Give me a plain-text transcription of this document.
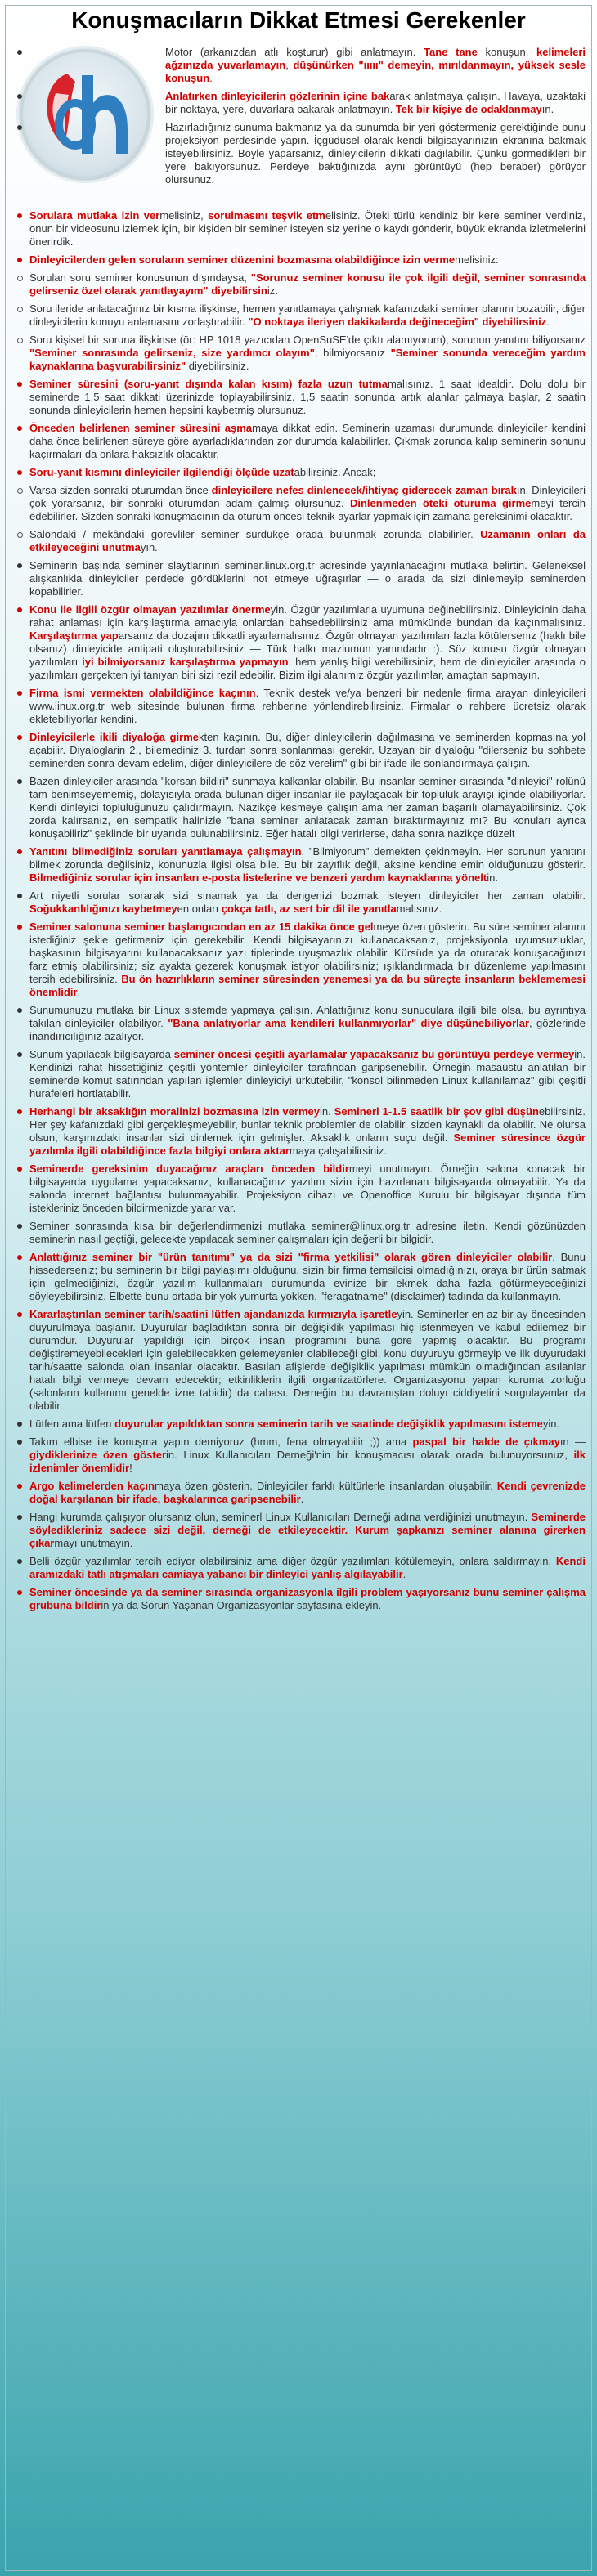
Konuşmacıların Dikkat Etmesi Gerekenler
Motor (arkanızdan atlı koşturur) gibi anlatmayın. Tane tane konuşun, kelimeleri ağzınızda yuvarlamayın, düşünürken "ııııı" demeyin, mırıldanmayın, yüksek sesle konuşun.
Anlatırken dinleyicilerin gözlerinin içine bakarak anlatmaya çalışın. Havaya, uzaktaki bir noktaya, yere, duvarlara bakarak anlatmayın. Tek bir kişiye de odaklanmayın.
Hazırladığınız sunuma bakmanız ya da sunumda bir yeri göstermeniz gerektiğinde bunu projeksiyon perdesinde yapın. İçgüdüsel olarak kendi bilgisayarınızın ekranına bakmak isteyebilirsiniz. Böyle yaparsanız, dinleyicilerin dikkati dağılabilir. Çünkü görmedikleri bir yere bakıyorsunuz. Perdeye baktığınızda aynı görüntüyü (hep beraber) görüyor olursunuz.
Sorulara mutlaka izin vermelisiniz, sorulmasını teşvik etmelisiniz. Öteki türlü kendiniz bir kere seminer verdiniz, onun bir videosunu izlemek için, bir kişiden bir seminer isteyen siz yerine o kaydı gönderir, büyük ekranda izletmelerini önerirdik.
Dinleyicilerden gelen soruların seminer düzenini bozmasına olabildiğince izin vermemelisiniz:
Sorulan soru seminer konusunun dışındaysa, "Sorunuz seminer konusu ile çok ilgili değil, seminer sonrasında gelirseniz özel olarak yanıtlayayım" diyebilirsiniz.
Soru ileride anlatacağınız bir kısma ilişkinse, hemen yanıtlamaya çalışmak kafanızdaki seminer planını bozabilir, diğer dinleyicilerin konuyu anlamasını zorlaştırabilir. "O noktaya ileriyen dakikalarda değineceğim" diyebilirsiniz.
Soru kişisel bir soruna ilişkinse (ör: HP 1018 yazıcıdan OpenSuSE'de çıktı alamıyorum); sorunun yanıtını biliyorsanız "Seminer sonrasında gelirseniz, size yardımcı olayım", bilmiyorsanız "Seminer sonunda vereceğim yardım kaynaklarına başvurabilirsiniz" diyebilirsiniz.
Seminer süresini (soru-yanıt dışında kalan kısım) fazla uzun tutmamalısınız. 1 saat idealdir. Dolu dolu bir seminerde 1,5 saat dikkati üzerinizde toplayabilirsiniz. 1,5 saatin sonunda artık alanlar çalmaya başlar, 2 saatin sonunda dinleyicilerin hemen hepsini kaybetmiş olursunuz.
Önceden belirlenen seminer süresini aşmamaya dikkat edin. Seminerin uzaması durumunda dinleyiciler kendini daha önce belirlenen süreye göre ayarladıklarından zor durumda kalabilirler. Çıkmak zorunda kalıp seminerin sonunu kaçırmaları da onlara haksızlık olacaktır.
Soru-yanıt kısmını dinleyiciler ilgilendiği ölçüde uzatabilirsiniz. Ancak;
Varsa sizden sonraki oturumdan önce dinleyicilere nefes dinlenecek/ihtiyaç giderecek zaman bırakın. Dinleyicileri çok yorarsanız, bir sonraki oturumdan adam çalmış olursunuz. Dinlenmeden öteki oturuma girmemeyi tercih edebilirler. Sizden sonraki konuşmacının da oturum öncesi teknik ayarlar yapmak için zamana gereksinimi olacaktır.
Salondaki / mekândaki görevliler seminer sürdükçe orada bulunmak zorunda olabilirler. Uzamanın onları da etkileyeceğini unutmayın.
Seminerin başında seminer slaytlarının seminer.linux.org.tr adresinde yayınlanacağını mutlaka belirtin. Geleneksel alışkanlıkla dinleyiciler perdede gördüklerini not etmeye uğraşırlar — o arada da sizi dinlemeyip seminerden kopabilirler.
Konu ile ilgili özgür olmayan yazılımlar önermeyin. Özgür yazılımlarla uyumuna değinebilirsiniz. Dinleyicinin daha rahat anlaması için karşılaştırma amacıyla onlardan bahsedebilirsiniz ama mümkünde bundan da kaçınmalısınız. Karşılaştırma yaparsanız da dozajını dikkatli ayarlamalısınız. Özgür olmayan yazılımları fazla kötülersenız (haklı bile olsanız) dinleyicide antipati oluşturabilirsiniz — Türk halkı mazlumun yanındadır :). Söz konusu özgür olmayan yazılımları iyi bilmiyorsanız karşılaştırma yapmayın; hem yanlış bilgi verebilirsiniz, hem de dinleyiciler arasında o yazılımları gerçekten iyi tanıyan biri sizi rezil edebilir. Bizim ilgi alanımız özgür yazılımlar, amaçtan sapmayın.
Firma ismi vermekten olabildiğince kaçının. Teknik destek ve/ya benzeri bir nedenle firma arayan dinleyicileri www.linux.org.tr web sitesinde bulunan firma rehberine yönlendirebilirsiniz. Firmalar o rehbere ücretsiz olarak ekletebiliyorlar kendini.
Dinleyicilerle ikili diyaloğa girmekten kaçının. Bu, diğer dinleyicilerin dağılmasına ve seminerden kopmasına yol açabilir. Diyaloglarin 2., bilemediniz 3. turdan sonra sonlanması gerekir. Uzayan bir diyaloğu "dilerseniz bu sohbete seminerden sonra devam edelim, diğer dinleyicilere de söz verelim" gibi bir ifade ile sonlandırmaya çalışın.
Bazen dinleyiciler arasında "korsan bildiri" sunmaya kalkanlar olabilir. Bu insanlar seminer sırasında "dinleyici" rolünü tam benimseyememiş, dolayısıyla orada bulunan diğer insanlar ile paylaşacak bir topluluk arayışı içinde olabiliyorlar. Kendi dinleyici topluluğunuzu çalıdırmayın. Nazikçe kesmeye çalışın ama her zaman başarılı olamayabilirsiniz. Çok zorda kalırsanız, en sempatik halinizle "bana seminer anlatacak zaman bıraktırmayınız mı? Bu konuları ayrıca konuşabiliriz" şeklinde bir uyarıda bulunabilirsiniz. Eğer hatalı bilgi verirlerse, daha sonra nazikçe düzelt
Yanıtını bilmediğiniz soruları yanıtlamaya çalışmayın. "Bilmiyorum" demekten çekinmeyin. Her sorunun yanıtını bilmek zorunda değilsiniz, konunuzla ilgisi olsa bile. Bu bir zayıflık değil, aksine kendine emin olduğunuzu gösterir. Bilmediğiniz sorular için insanları e-posta listelerine ve benzeri yardım kaynaklarına yöneltin.
Art niyetli sorular sorarak sizi sınamak ya da dengenizi bozmak isteyen dinleyiciler her zaman olabilir. Soğukkanlılığınızı kaybetmeyen onları çokça tatlı, az sert bir dil ile yanıtlamalısınız.
Seminer salonuna seminer başlangıcından en az 15 dakika önce gelmeye özen gösterin. Bu süre seminer alanını istediğiniz şekle getirmeniz için gerekebilir. Kendi bilgisayarınızı kullanacaksanız, projeksiyonla uyumsuzluklar, başkasının bilgisayarını kullanacaksanız yazı tiplerinde uyuşmazlık olabilir. Kürsüde ya da oturarak konuşacağınızı farz etmiş olabilirsiniz; siz ayakta gezerek konuşmak istiyor olabilirsiniz; ışıklandırmada bir düzenleme yapılmasını tercih edebilirsiniz. Bu ön hazırlıkların seminer süresinden yenemesi ya da bu süreçte insanların beklememesi önemlidir.
Sunumunuzu mutlaka bir Linux sistemde yapmaya çalışın. Anlattığınız konu sunuculara ilgili bile olsa, bu ayrıntıya takılan dinleyiciler olabiliyor. "Bana anlatıyorlar ama kendileri kullanmıyorlar" diye düşünebiliyorlar, gözlerinde inandırıcılığınız azalıyor.
Sunum yapılacak bilgisayarda seminer öncesi çeşitli ayarlamalar yapacaksanız bu görüntüyü perdeye vermeyin. Kendinizi rahat hissettiğiniz çeşitli yöntemler dinleyiciler tarafından garipsenebilir. Örneğin masaüstü anlatılan bir seminerde komut satırından yapılan işlemler dinleyiciyi ürkütebilir, "konsol bilinmeden Linux kullanılamaz" gibi çeşitli hurafeleri hortlatabilir.
Herhangi bir aksaklığın moralinizi bozmasına izin vermeyin. Seminerl 1-1.5 saatlik bir şov gibi düşünebilirsiniz. Her şey kafanızdaki gibi gerçekleşmeyebilir, bunlar teknik problemler de olabilir, sizden kaynaklı da olabilir. Ne olursa olsun, karşınızdaki insanlar sizi dinlemek için gelmişler. Aksaklık onların suçu değil. Seminer süresince özgür yazılımla ilgili olabildiğince fazla bilgiyi onlara aktarmaya çalışabilirsiniz.
Seminerde gereksinim duyacağınız araçları önceden bildirmeyi unutmayın. Örneğin salona konacak bir bilgisayarda uygulama yapacaksanız, kullanacağınız yazılım sizin için hazırlanan bilgisayarda olmayabilir. Ya da salonda internet bağlantısı bulunmayabilir. Projeksiyon cihazı ve Openoffice Kurulu bir bilgisayar dışında tüm istekleriniz önceden bildirmenizde yarar var.
Seminer sonrasında kısa bir değerlendirmenizi mutlaka seminer@linux.org.tr adresine iletin. Kendi gözünüzden seminerin nasıl geçtiği, gelecekte yapılacak seminer çalışmaları için değerli bir bilgidir.
Anlattığınız seminer bir "ürün tanıtımı" ya da sizi "firma yetkilisi" olarak gören dinleyiciler olabilir. Bunu hissederseniz; bu seminerin bir bilgi paylaşımı olduğunu, sizin bir firma temsilcisi olmadığınızı, oraya bir ürün satmak için gelmediğinizi, özgür yazılım kullanmaları durumunda evinize bir ekmek daha fazla götürmeyeceğinizi söyleyebilirsiniz. Elbette bunu ortada bir yok yumurta yokken, "feragatname" (disclaimer) tadında da kullanmayın.
Kararlaştırılan seminer tarih/saatini lütfen ajandanızda kırmızıyla işaretleyin. Seminerler en az bir ay öncesinden duyurulmaya başlanır. Duyurular başladıktan sonra bir değişiklik yapılması hiç istenmeyen ve kabul edilemez bir durumdur. Duyurular yapıldığı için birçok insan programını buna göre yapmış olacaktır. Bu programı değiştiremeyebilecekleri için gelebilecekken gelemeyenler olabileceği gibi, konu duyuruyu görmeyip ve ilk duyurudaki tarih/saatte salonda olan insanlar olacaktır. Basılan afişlerde değişiklik yapılması mümkün olmadığından asılanlar hatalı bilgi vermeye devam edecektir; etkinliklerin ilgili organizatörlere. Organizasyonu yapan kuruma zorluğu (salonların kullanımı genelde izne tabidir) da cabası. Derneğin bu davranıştan doluyı ciddiyetini sorgulayanlar da olabilir.
Lütfen ama lütfen duyurular yapıldıktan sonra seminerin tarih ve saatinde değişiklik yapılmasını istemeyin.
Takım elbise ile konuşma yapın demiyoruz (hmm, fena olmayabilir ;)) ama paspal bir halde de çıkmayın — giydiklerinize özen gösterin. Linux Kullanıcıları Derneği'nin bir konuşmacısı olarak orada bulunuyorsunuz, ilk izlenimler önemlidir!
Argo kelimelerden kaçınmaya özen gösterin. Dinleyiciler farklı kültürlerle insanlardan oluşabilir. Kendi çevrenizde doğal karşılanan bir ifade, başkalarınca garipsenebilir.
Hangi kurumda çalışıyor olursanız olun, seminerl Linux Kullanıcıları Derneği adına verdiğinizi unutmayın. Seminerde söyledikleriniz sadece sizi değil, derneği de etkileyecektir. Kurum şapkanızı seminer alanına girerken çıkarmayı unutmayın.
Belli özgür yazılımlar tercih ediyor olabilirsiniz ama diğer özgür yazılımları kötülemeyin, onlara saldırmayın. Kendi aramızdaki tatlı atışmaları camiaya yabancı bir dinleyici yanlış algılayabilir.
Seminer öncesinde ya da seminer sırasında organizasyonla ilgili problem yaşıyorsanız bunu seminer çalışma grubuna bildirin ya da Sorun Yaşanan Organizasyonlar sayfasına ekleyin.
